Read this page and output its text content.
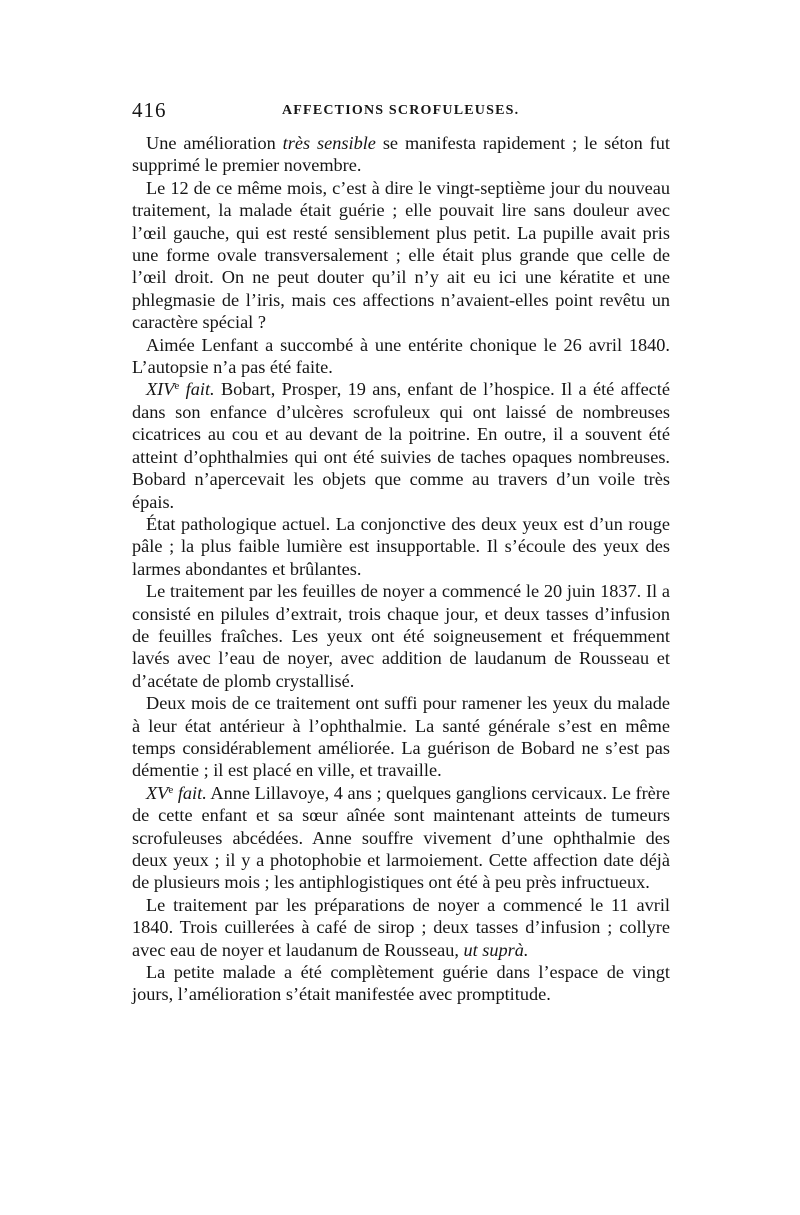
416	AFFECTIONS SCROFULEUSES.

Une amélioration très sensible se manifesta rapidement ; le séton fut supprimé le premier novembre.

Le 12 de ce même mois, c’est à dire le vingt-septième jour du nouveau traitement, la malade était guérie ; elle pouvait lire sans douleur avec l’œil gauche, qui est resté sensiblement plus petit. La pupille avait pris une forme ovale transversalement ; elle était plus grande que celle de l’œil droit. On ne peut douter qu’il n’y ait eu ici une kératite et une phlegmasie de l’iris, mais ces affections n’avaient-elles point revêtu un caractère spécial ?

Aimée Lenfant a succombé à une entérite chonique le 26 avril 1840. L’autopsie n’a pas été faite.

XIVe fait. Bobart, Prosper, 19 ans, enfant de l’hospice. Il a été affecté dans son enfance d’ulcères scrofuleux qui ont laissé de nombreuses cicatrices au cou et au devant de la poitrine. En outre, il a souvent été atteint d’ophthalmies qui ont été suivies de taches opaques nombreuses. Bobard n’apercevait les objets que comme au travers d’un voile très épais.

État pathologique actuel. La conjonctive des deux yeux est d’un rouge pâle ; la plus faible lumière est insupportable. Il s’écoule des yeux des larmes abondantes et brûlantes.

Le traitement par les feuilles de noyer a commencé le 20 juin 1837. Il a consisté en pilules d’extrait, trois chaque jour, et deux tasses d’infusion de feuilles fraîches. Les yeux ont été soigneusement et fréquemment lavés avec l’eau de noyer, avec addition de laudanum de Rousseau et d’acétate de plomb crystallisé.

Deux mois de ce traitement ont suffi pour ramener les yeux du malade à leur état antérieur à l’ophthalmie. La santé générale s’est en même temps considérablement améliorée. La guérison de Bobard ne s’est pas démentie ; il est placé en ville, et travaille.

XVe fait. Anne Lillavoye, 4 ans ; quelques ganglions cervicaux. Le frère de cette enfant et sa sœur aînée sont maintenant atteints de tumeurs scrofuleuses abcédées. Anne souffre vivement d’une ophthalmie des deux yeux ; il y a photophobie et larmoiement. Cette affection date déjà de plusieurs mois ; les antiphlogistiques ont été à peu près infructueux.

Le traitement par les préparations de noyer a commencé le 11 avril 1840. Trois cuillerées à café de sirop ; deux tasses d’infusion ; collyre avec eau de noyer et laudanum de Rousseau, ut suprà.

La petite malade a été complètement guérie dans l’espace de vingt jours, l’amélioration s’était manifestée avec promptitude.
